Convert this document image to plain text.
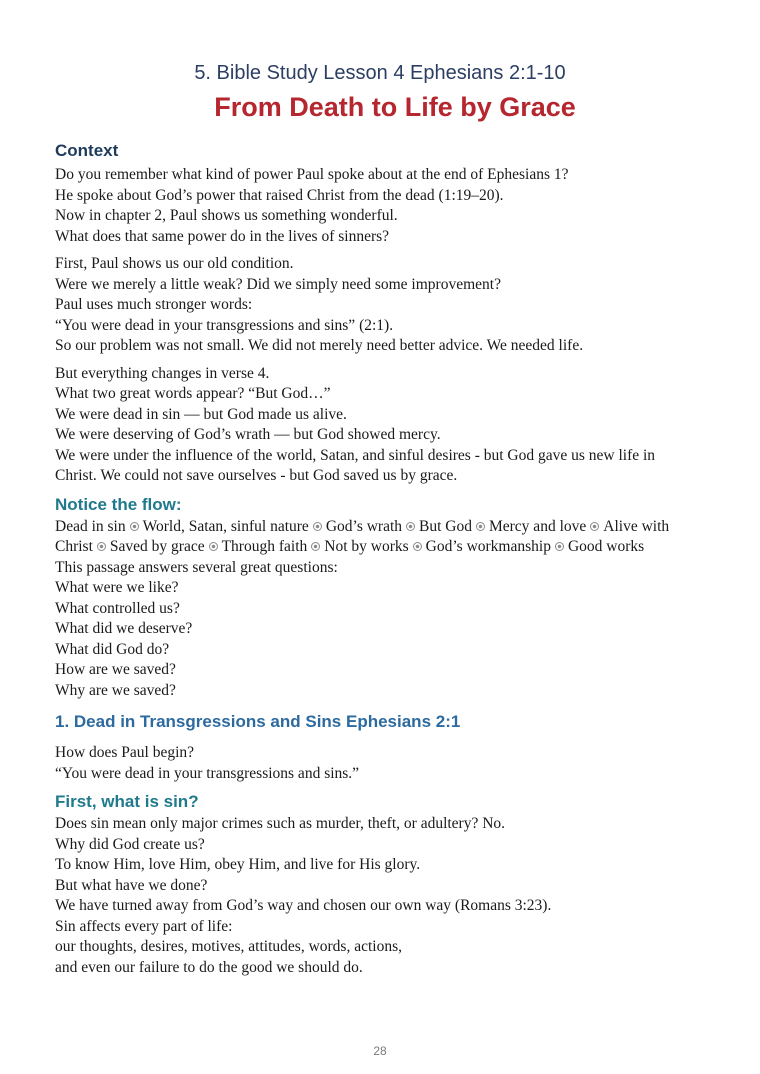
5. Bible Study Lesson 4 Ephesians 2:1-10
From Death to Life by Grace
Context
Do you remember what kind of power Paul spoke about at the end of Ephesians 1?
He spoke about God’s power that raised Christ from the dead (1:19–20).
Now in chapter 2, Paul shows us something wonderful.
What does that same power do in the lives of sinners?
First, Paul shows us our old condition.
Were we merely a little weak? Did we simply need some improvement?
Paul uses much stronger words:
“You were dead in your transgressions and sins” (2:1).
So our problem was not small. We did not merely need better advice. We needed life.
But everything changes in verse 4.
What two great words appear? “But God…”
We were dead in sin — but God made us alive.
We were deserving of God’s wrath — but God showed mercy.
We were under the influence of the world, Satan, and sinful desires - but God gave us new life in
Christ. We could not save ourselves - but God saved us by grace.
Notice the flow:
Dead in sin World, Satan, sinful nature God’s wrath But God Mercy and love Alive with
Christ Saved by grace Through faith Not by works God’s workmanship Good works
This passage answers several great questions:
What were we like?
What controlled us?
What did we deserve?
What did God do?
How are we saved?
Why are we saved?
1. Dead in Transgressions and Sins Ephesians 2:1
How does Paul begin?
“You were dead in your transgressions and sins.”
First, what is sin?
Does sin mean only major crimes such as murder, theft, or adultery? No.
Why did God create us?
To know Him, love Him, obey Him, and live for His glory.
But what have we done?
We have turned away from God’s way and chosen our own way (Romans 3:23).
Sin affects every part of life:
our thoughts, desires, motives, attitudes, words, actions,
and even our failure to do the good we should do.
28
